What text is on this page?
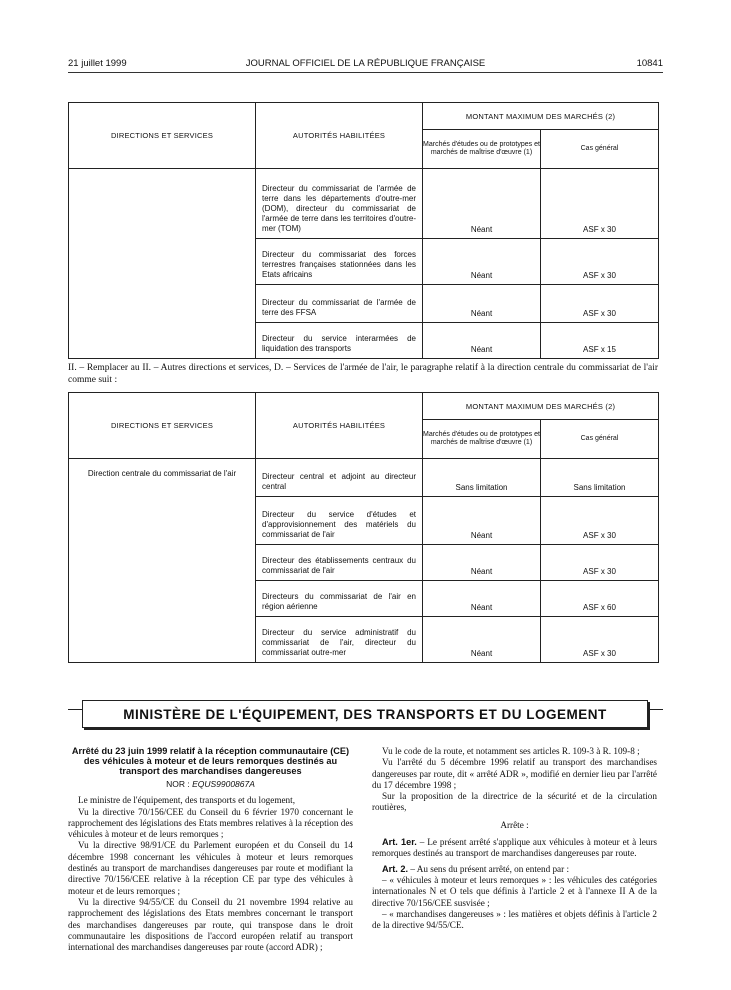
21 juillet 1999	JOURNAL OFFICIEL DE LA RÉPUBLIQUE FRANÇAISE	10841
DIRECTIONS ET SERVICES	AUTORITÉS HABILITÉES	MONTANT MAXIMUM DES MARCHÉS (2)	
		Marchés d'études ou de prototypes et marchés de maîtrise d'œuvre (1)	Cas général
	Directeur du commissariat de l'armée de terre dans les départements d'outre-mer (DOM), directeur du commissariat de l'armée de terre dans les territoires d'outre-mer (TOM)	Néant	ASF x 30
	Directeur du commissariat des forces terrestres françaises stationnées dans les Etats africains	Néant	ASF x 30
	Directeur du commissariat de l'armée de terre des FFSA	Néant	ASF x 30
	Directeur du service interarmées de liquidation des transports	Néant	ASF x 15
II. – Remplacer au II. – Autres directions et services, D. – Services de l'armée de l'air, le paragraphe relatif à la direction centrale du commissariat de l'air comme suit :
DIRECTIONS ET SERVICES	AUTORITÉS HABILITÉES	MONTANT MAXIMUM DES MARCHÉS (2)	
		Marchés d'études ou de prototypes et marchés de maîtrise d'œuvre (1)	Cas général
Direction centrale du commissariat de l'air	Directeur central et adjoint au directeur central	Sans limitation	Sans limitation
	Directeur du service d'études et d'approvisionnement des matériels du commissariat de l'air	Néant	ASF x 30
	Directeur des établissements centraux du commissariat de l'air	Néant	ASF x 30
	Directeurs du commissariat de l'air en région aérienne	Néant	ASF x 60
	Directeur du service administratif du commissariat de l'air, directeur du commissariat outre-mer	Néant	ASF x 30
MINISTÈRE DE L'ÉQUIPEMENT, DES TRANSPORTS ET DU LOGEMENT

Arrêté du 23 juin 1999 relatif à la réception communautaire (CE) des véhicules à moteur et de leurs remorques destinés au transport des marchandises dangereuses

NOR : EQUS9900867A

Le ministre de l'équipement, des transports et du logement,

Vu la directive 70/156/CEE du Conseil du 6 février 1970 concernant le rapprochement des législations des Etats membres relatives à la réception des véhicules à moteur et de leurs remorques ;

Vu la directive 98/91/CE du Parlement européen et du Conseil du 14 décembre 1998 concernant les véhicules à moteur et leurs remorques destinés au transport de marchandises dangereuses par route et modifiant la directive 70/156/CEE relative à la réception CE par type des véhicules à moteur et de leurs remorques ;

Vu la directive 94/55/CE du Conseil du 21 novembre 1994 relative au rapprochement des législations des Etats membres concernant le transport des marchandises dangereuses par route, qui transpose dans le droit communautaire les dispositions de l'accord européen relatif au transport international des marchandises dangereuses par route (accord ADR) ;

Vu le code de la route, et notamment ses articles R. 109-3 à R. 109-8 ;

Vu l'arrêté du 5 décembre 1996 relatif au transport des marchandises dangereuses par route, dit « arrêté ADR », modifié en dernier lieu par l'arrêté du 17 décembre 1998 ;

Sur la proposition de la directrice de la sécurité et de la circulation routières,

Arrête :

Art. 1er. – Le présent arrêté s'applique aux véhicules à moteur et à leurs remorques destinés au transport de marchandises dangereuses par route.

Art. 2. – Au sens du présent arrêté, on entend par :

– « véhicules à moteur et leurs remorques » : les véhicules des catégories internationales N et O tels que définis à l'article 2 et à l'annexe II A de la directive 70/156/CEE susvisée ;

– « marchandises dangereuses » : les matières et objets définis à l'article 2 de la directive 94/55/CE.
